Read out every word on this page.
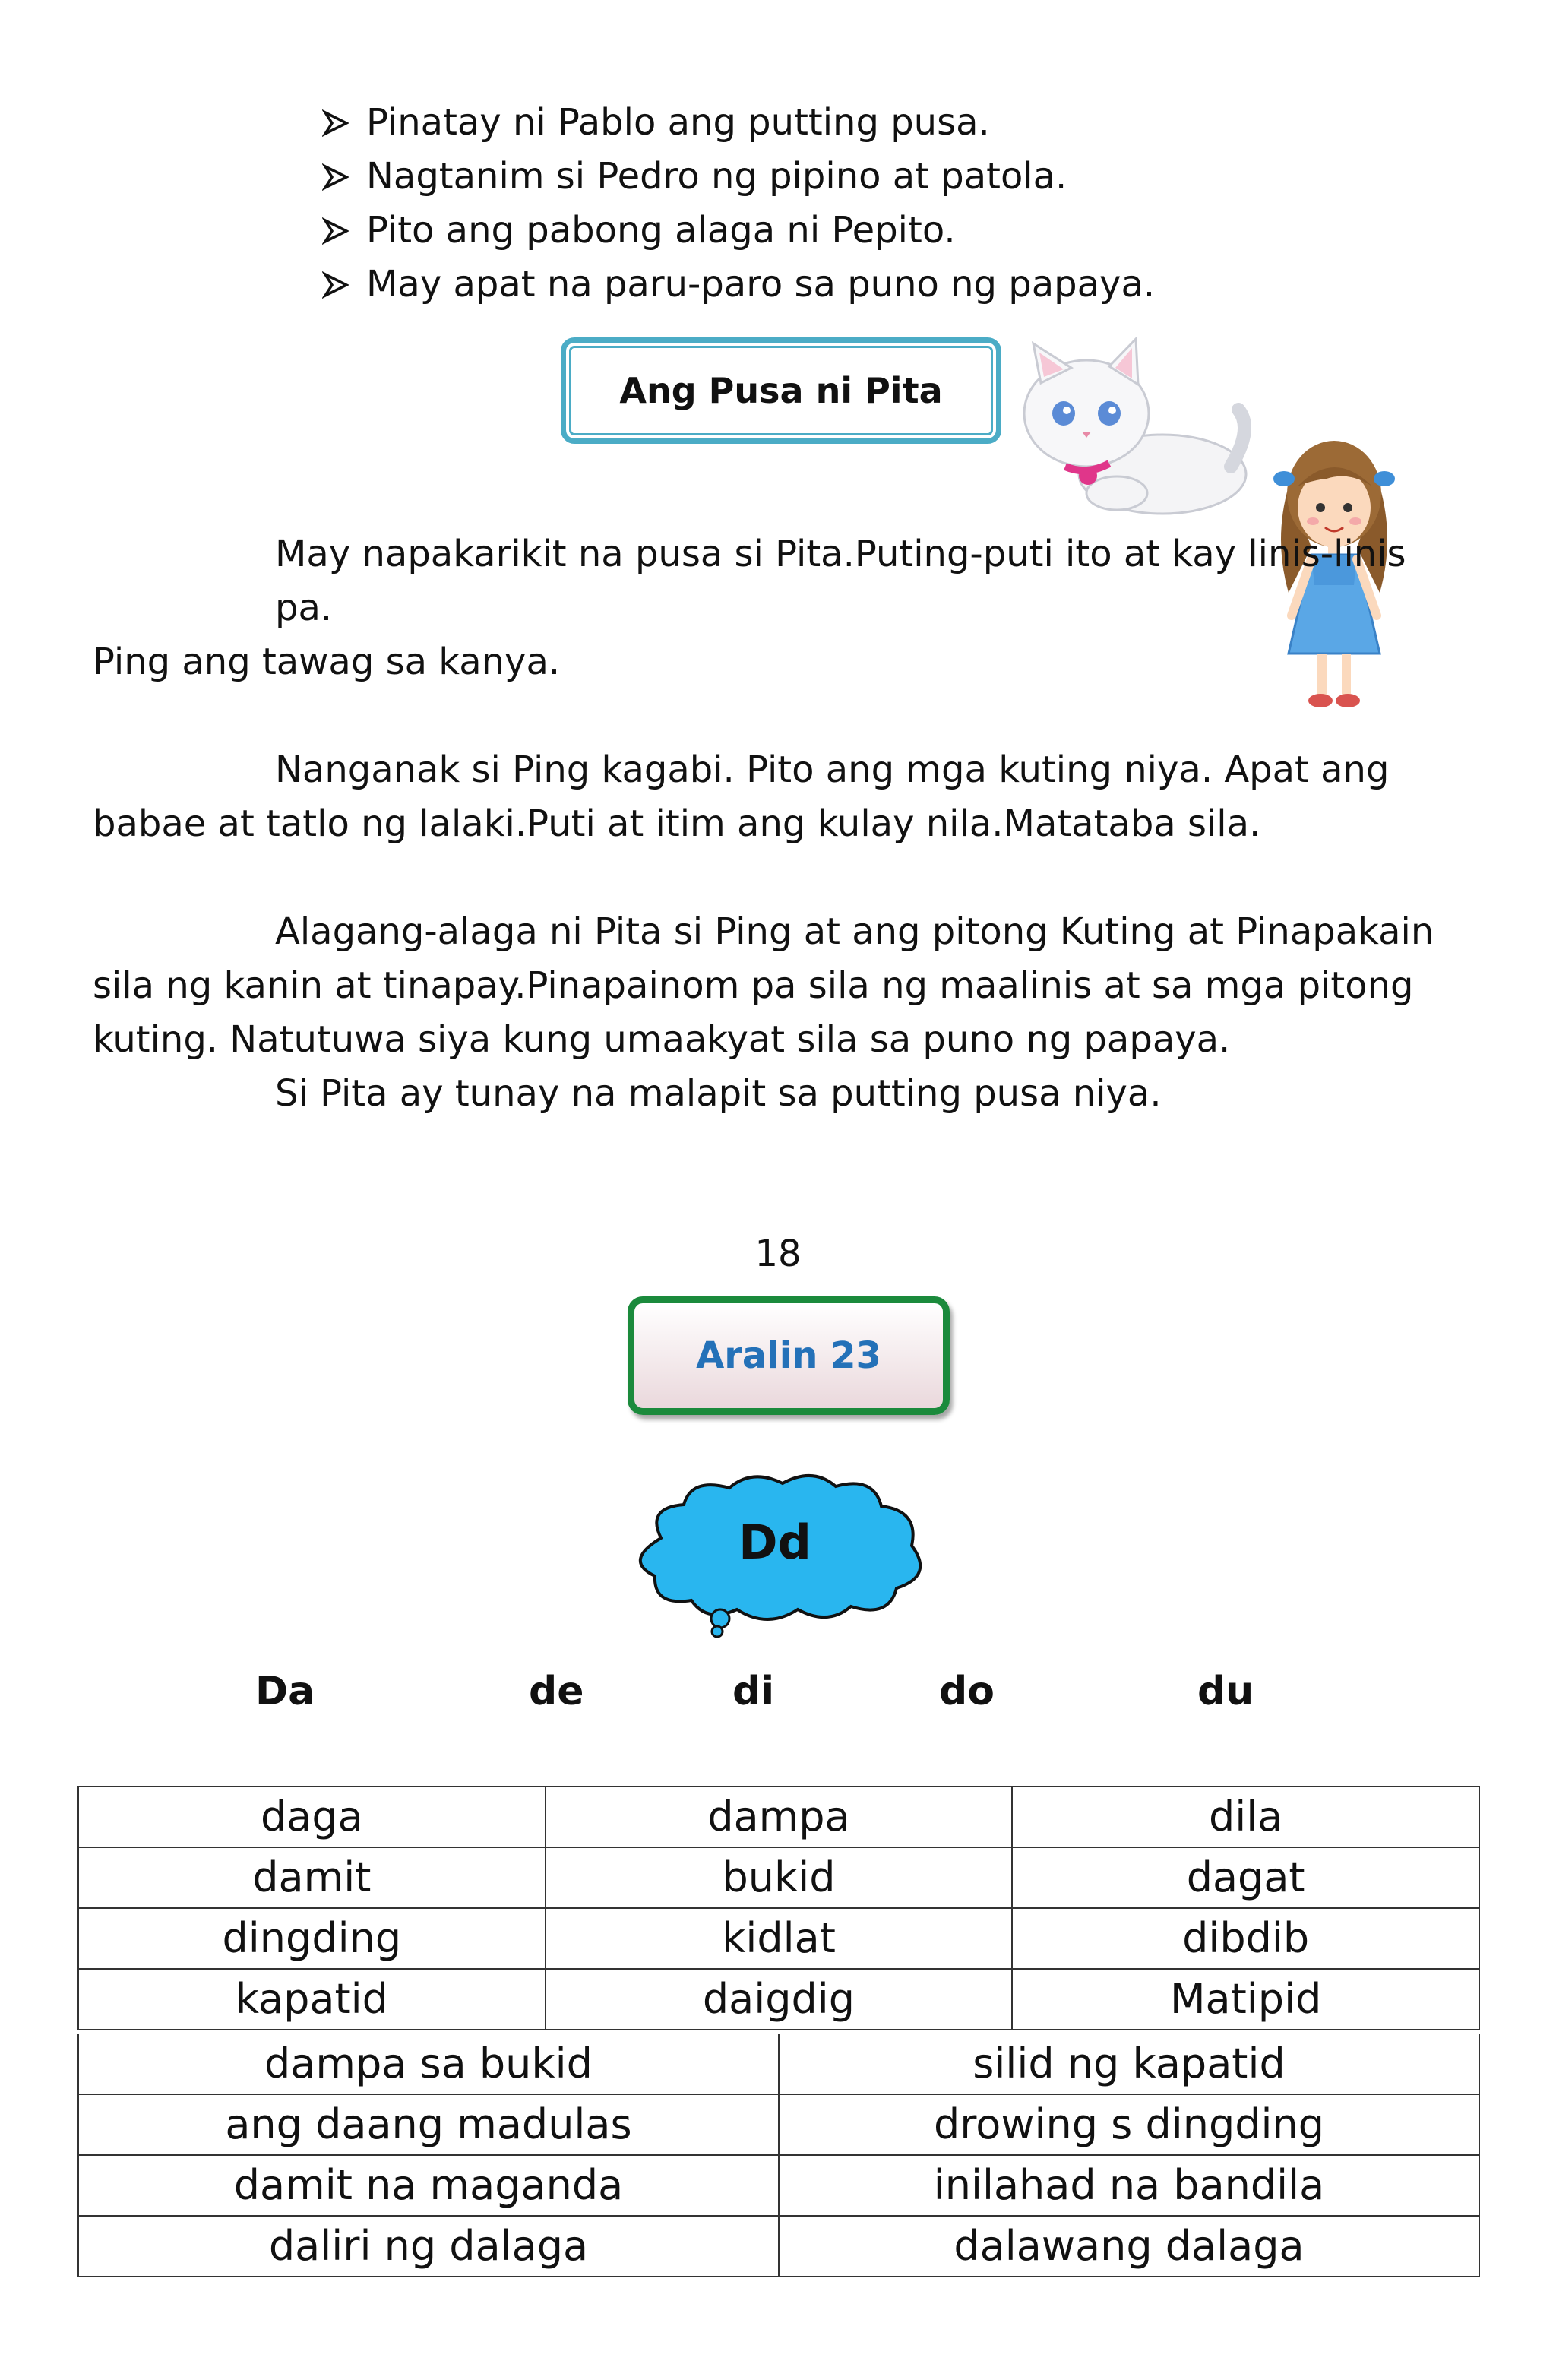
Pinatay ni Pablo ang putting pusa.
Nagtanim si Pedro ng pipino at patola.
Pito ang pabong alaga ni Pepito.
May apat na paru-paro sa puno ng papaya.
Ang Pusa ni Pita

May napakarikit na pusa si Pita.Puting-puti ito at kay linis-linis pa.
Ping ang tawag sa kanya.

Nanganak si Ping kagabi. Pito ang mga kuting niya. Apat ang
babae at tatlo ng lalaki.Puti at itim ang kulay nila.Matataba sila.

Alagang-alaga ni Pita si Ping at ang pitong Kuting at Pinapakain
sila ng kanin at tinapay.Pinapainom pa sila ng maalinis at sa mga pitong
kuting. Natutuwa siya kung umaakyat sila sa puno ng papaya.
Si Pita ay tunay na malapit sa putting pusa niya.

18
Aralin 23
Dd
Da	de	di	do	du
daga	dampa	dila
damit	bukid	dagat
dingding	kidlat	dibdib
kapatid	daigdig	Matipid
dampa sa bukid	silid ng kapatid
ang daang madulas	drowing s dingding
damit na maganda	inilahad na bandila
daliri ng dalaga	dalawang dalaga
